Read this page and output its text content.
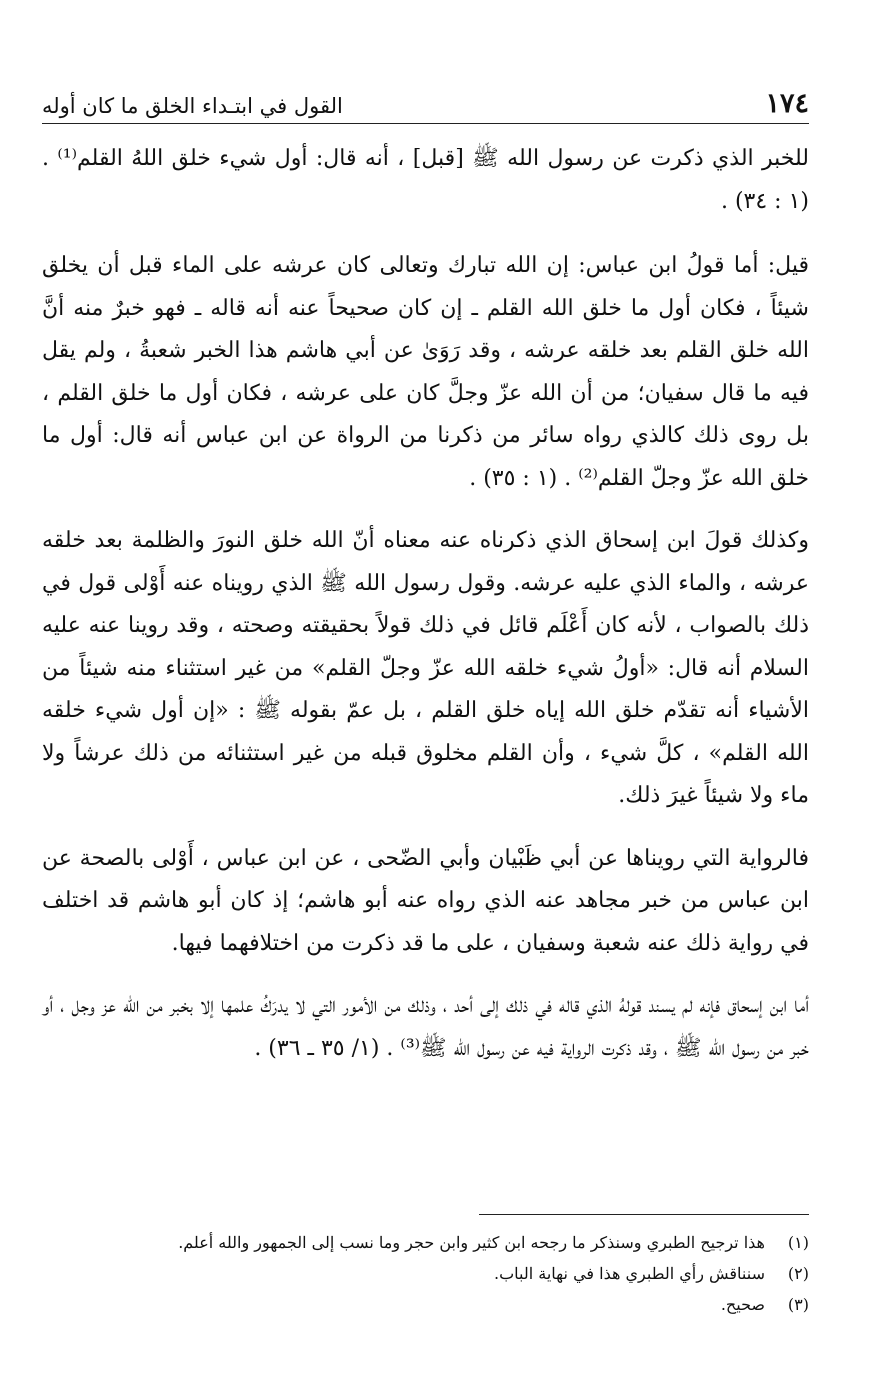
١٧٤
القول في ابتـداء الخلق ما كان أوله

للخبر الذي ذكرت عن رسول الله ﷺ [قبل] ، أنه قال: أول شيء خلق اللهُ القلم⁽¹⁾ . (١ : ٣٤) .

قيل: أما قولُ ابن عباس: إن الله تبارك وتعالى كان عرشه على الماء قبل أن يخلق شيئاً ، فكان أول ما خلق الله القلم ـ إن كان صحيحاً عنه أنه قاله ـ فهو خبرٌ منه أنَّ الله خلق القلم بعد خلقه عرشه ، وقد رَوَىٰ عن أبي هاشم هذا الخبر شعبةُ ، ولم يقل فيه ما قال سفيان؛ من أن الله عزّ وجلَّ كان على عرشه ، فكان أول ما خلق القلم ، بل روى ذلك كالذي رواه سائر من ذكرنا من الرواة عن ابن عباس أنه قال: أول ما خلق الله عزّ وجلّ القلم⁽²⁾ . (١ : ٣٥) .

وكذلك قولَ ابن إسحاق الذي ذكرناه عنه معناه أنّ الله خلق النورَ والظلمة بعد خلقه عرشه ، والماء الذي عليه عرشه. وقول رسول الله ﷺ الذي رويناه عنه أَوْلى قول في ذلك بالصواب ، لأنه كان أَعْلَم قائل في ذلك قولاً بحقيقته وصحته ، وقد روينا عنه عليه السلام أنه قال: «أولُ شيء خلقه الله عزّ وجلّ القلم» من غير استثناء منه شيئاً من الأشياء أنه تقدّم خلق الله إياه خلق القلم ، بل عمّ بقوله ﷺ : «إن أول شيء خلقه الله القلم» ، كلَّ شيء ، وأن القلم مخلوق قبله من غير استثنائه من ذلك عرشاً ولا ماء ولا شيئاً غيرَ ذلك.

فالرواية التي رويناها عن أبي ظَبْيان وأبي الضّحى ، عن ابن عباس ، أَوْلى بالصحة عن ابن عباس من خبر مجاهد عنه الذي رواه عنه أبو هاشم؛ إذ كان أبو هاشم قد اختلف في رواية ذلك عنه شعبة وسفيان ، على ما قد ذكرت من اختلافهما فيها.

أما ابن إسحاق فإنه لم يسند قولهُ الذي قاله في ذلك إلى أحد ، وذلك من الأمور التي لا يدرَكُ علمها إلا بخبر من الله عز وجل ، أو خبر من رسول الله ﷺ ، وقد ذكرت الرواية فيه عن رسول الله ﷺ⁽³⁾ . (١/ ٣٥ ـ ٣٦) .

(١)
هذا ترجيح الطبري وسنذكر ما رجحه ابن كثير وابن حجر وما نسب إلى الجمهور والله أعلم.
(٢)
سنناقش رأي الطبري هذا في نهاية الباب.
(٣)
صحيح.
